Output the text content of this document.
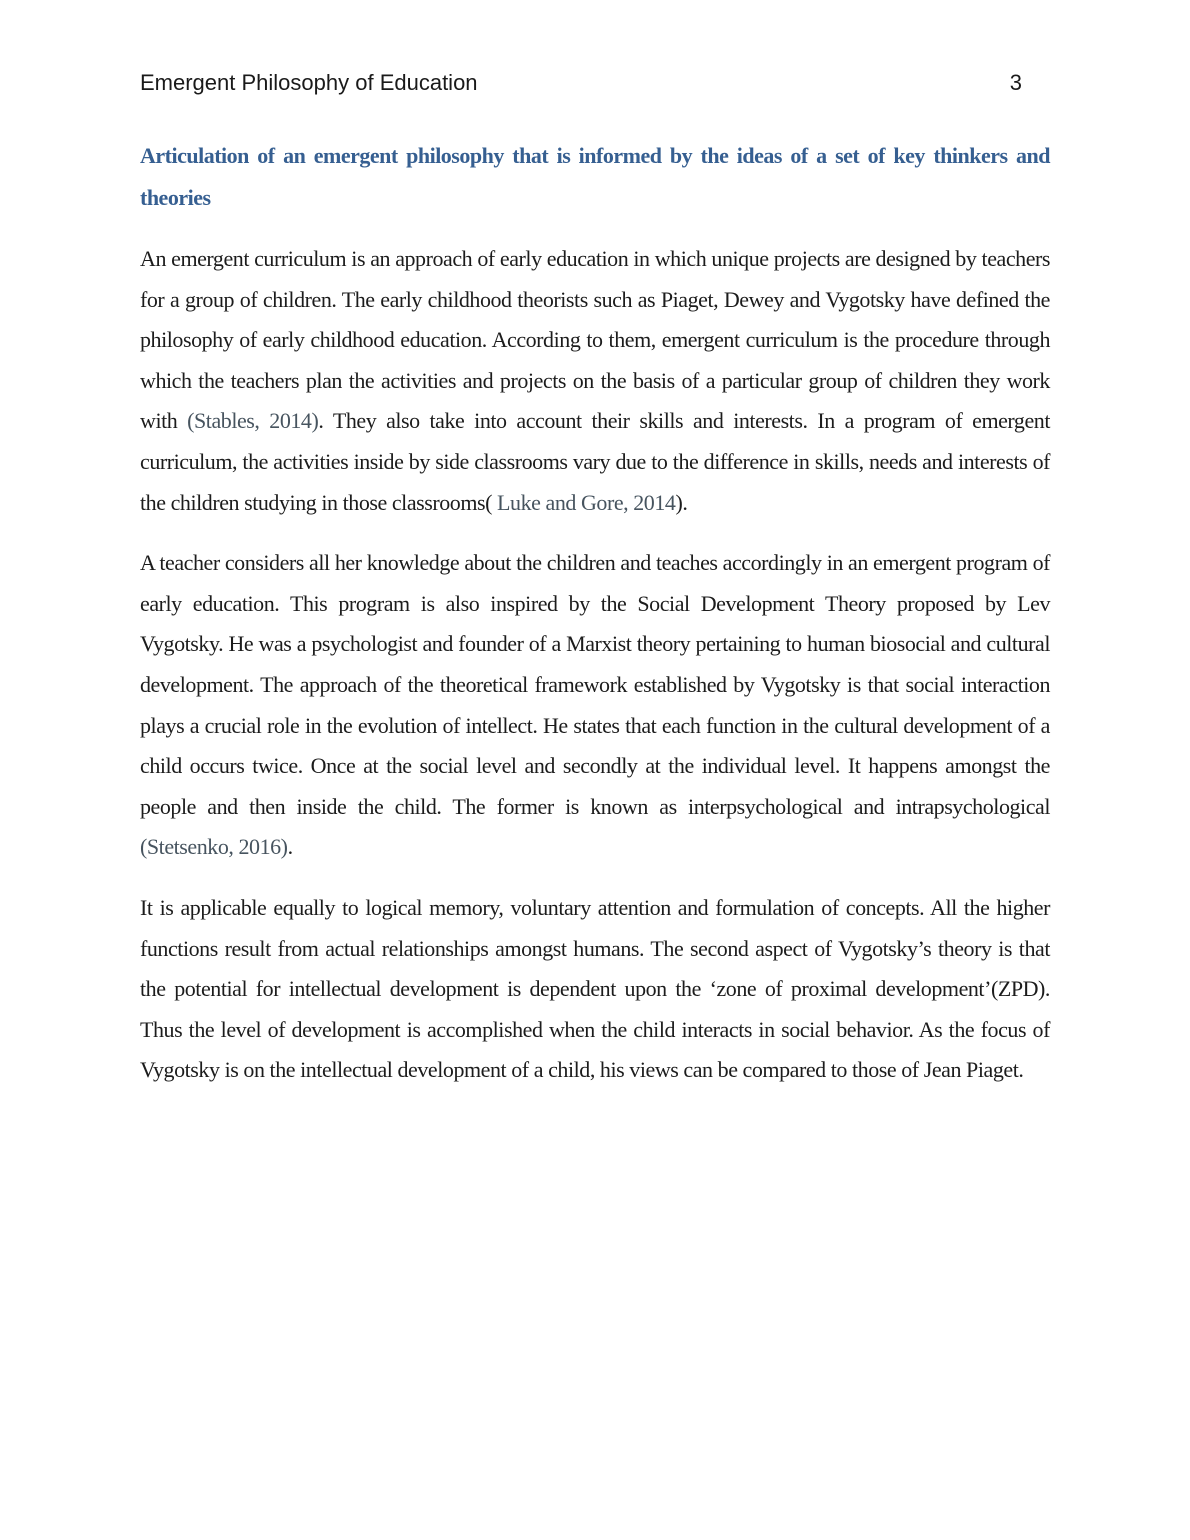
Emergent Philosophy of Education	3
Articulation of an emergent philosophy that is informed by the ideas of a set of key thinkers and theories

An emergent curriculum is an approach of early education in which unique projects are designed by teachers for a group of children. The early childhood theorists such as Piaget, Dewey and Vygotsky have defined the philosophy of early childhood education. According to them, emergent curriculum is the procedure through which the teachers plan the activities and projects on the basis of a particular group of children they work with (Stables, 2014). They also take into account their skills and interests. In a program of emergent curriculum, the activities inside by side classrooms vary due to the difference in skills, needs and interests of the children studying in those classrooms( Luke and Gore, 2014).

A teacher considers all her knowledge about the children and teaches accordingly in an emergent program of early education. This program is also inspired by the Social Development Theory proposed by Lev Vygotsky. He was a psychologist and founder of a Marxist theory pertaining to human biosocial and cultural development. The approach of the theoretical framework established by Vygotsky is that social interaction plays a crucial role in the evolution of intellect. He states that each function in the cultural development of a child occurs twice. Once at the social level and secondly at the individual level. It happens amongst the people and then inside the child. The former is known as interpsychological and intrapsychological (Stetsenko, 2016).

It is applicable equally to logical memory, voluntary attention and formulation of concepts. All the higher functions result from actual relationships amongst humans. The second aspect of Vygotsky’s theory is that the potential for intellectual development is dependent upon the ‘zone of proximal development’(ZPD). Thus the level of development is accomplished when the child interacts in social behavior. As the focus of Vygotsky is on the intellectual development of a child, his views can be compared to those of Jean Piaget.
